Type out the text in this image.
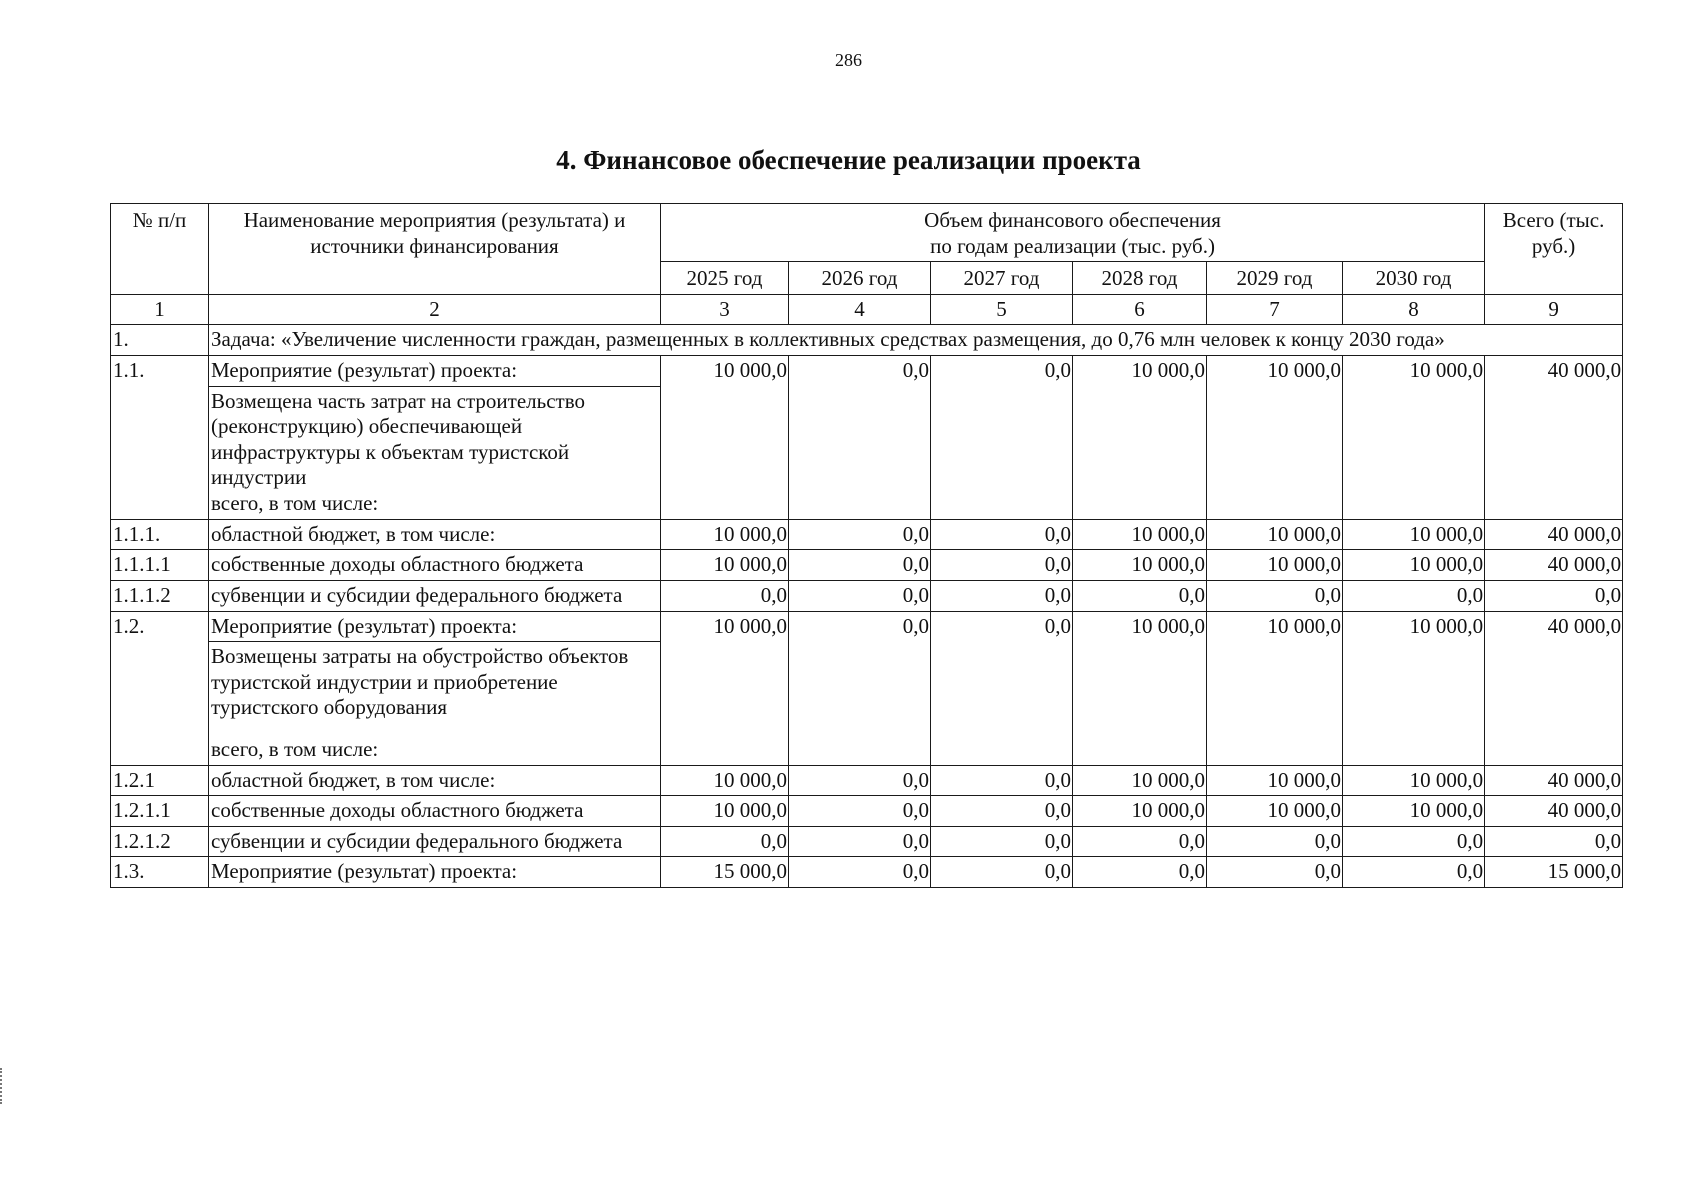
286
4. Финансовое обеспечение реализации проекта
№ п/п	Наименование мероприятия (результата) и источники финансирования	Объем финансового обеспечения
по годам реализации (тыс. руб.)						Всего (тыс. руб.)
		2025 год	2026 год	2027 год	2028 год	2029 год	2030 год	
1	2	3	4	5	6	7	8	9
1.	Задача: «Увеличение численности граждан, размещенных в коллективных средствах размещения, до 0,76 млн человек к концу 2030 года»							
1.1.	Мероприятие (результат) проекта:	10 000,0	0,0	0,0	10 000,0	10 000,0	10 000,0	40 000,0

	Возмещена часть затрат на строительство (реконструкцию) обеспечивающей инфраструктуры к объектам туристской индустрии
всего, в том числе:							

1.1.1.	областной бюджет, в том числе:	10 000,0	0,0	0,0	10 000,0	10 000,0	10 000,0	40 000,0
1.1.1.1	собственные доходы областного бюджета	10 000,0	0,0	0,0	10 000,0	10 000,0	10 000,0	40 000,0
1.1.1.2	субвенции и субсидии федерального бюджета	0,0	0,0	0,0	0,0	0,0	0,0	0,0
1.2.	Мероприятие (результат) проекта:	10 000,0	0,0	0,0	10 000,0	10 000,0	10 000,0	40 000,0

	Возмещены затраты на обустройство объектов туристской индустрии и приобретение туристского оборудования
всего, в том числе:							

1.2.1	областной бюджет, в том числе:	10 000,0	0,0	0,0	10 000,0	10 000,0	10 000,0	40 000,0
1.2.1.1	собственные доходы областного бюджета	10 000,0	0,0	0,0	10 000,0	10 000,0	10 000,0	40 000,0
1.2.1.2	субвенции и субсидии федерального бюджета	0,0	0,0	0,0	0,0	0,0	0,0	0,0
1.3.	Мероприятие (результат) проекта:	15 000,0	0,0	0,0	0,0	0,0	0,0	15 000,0
